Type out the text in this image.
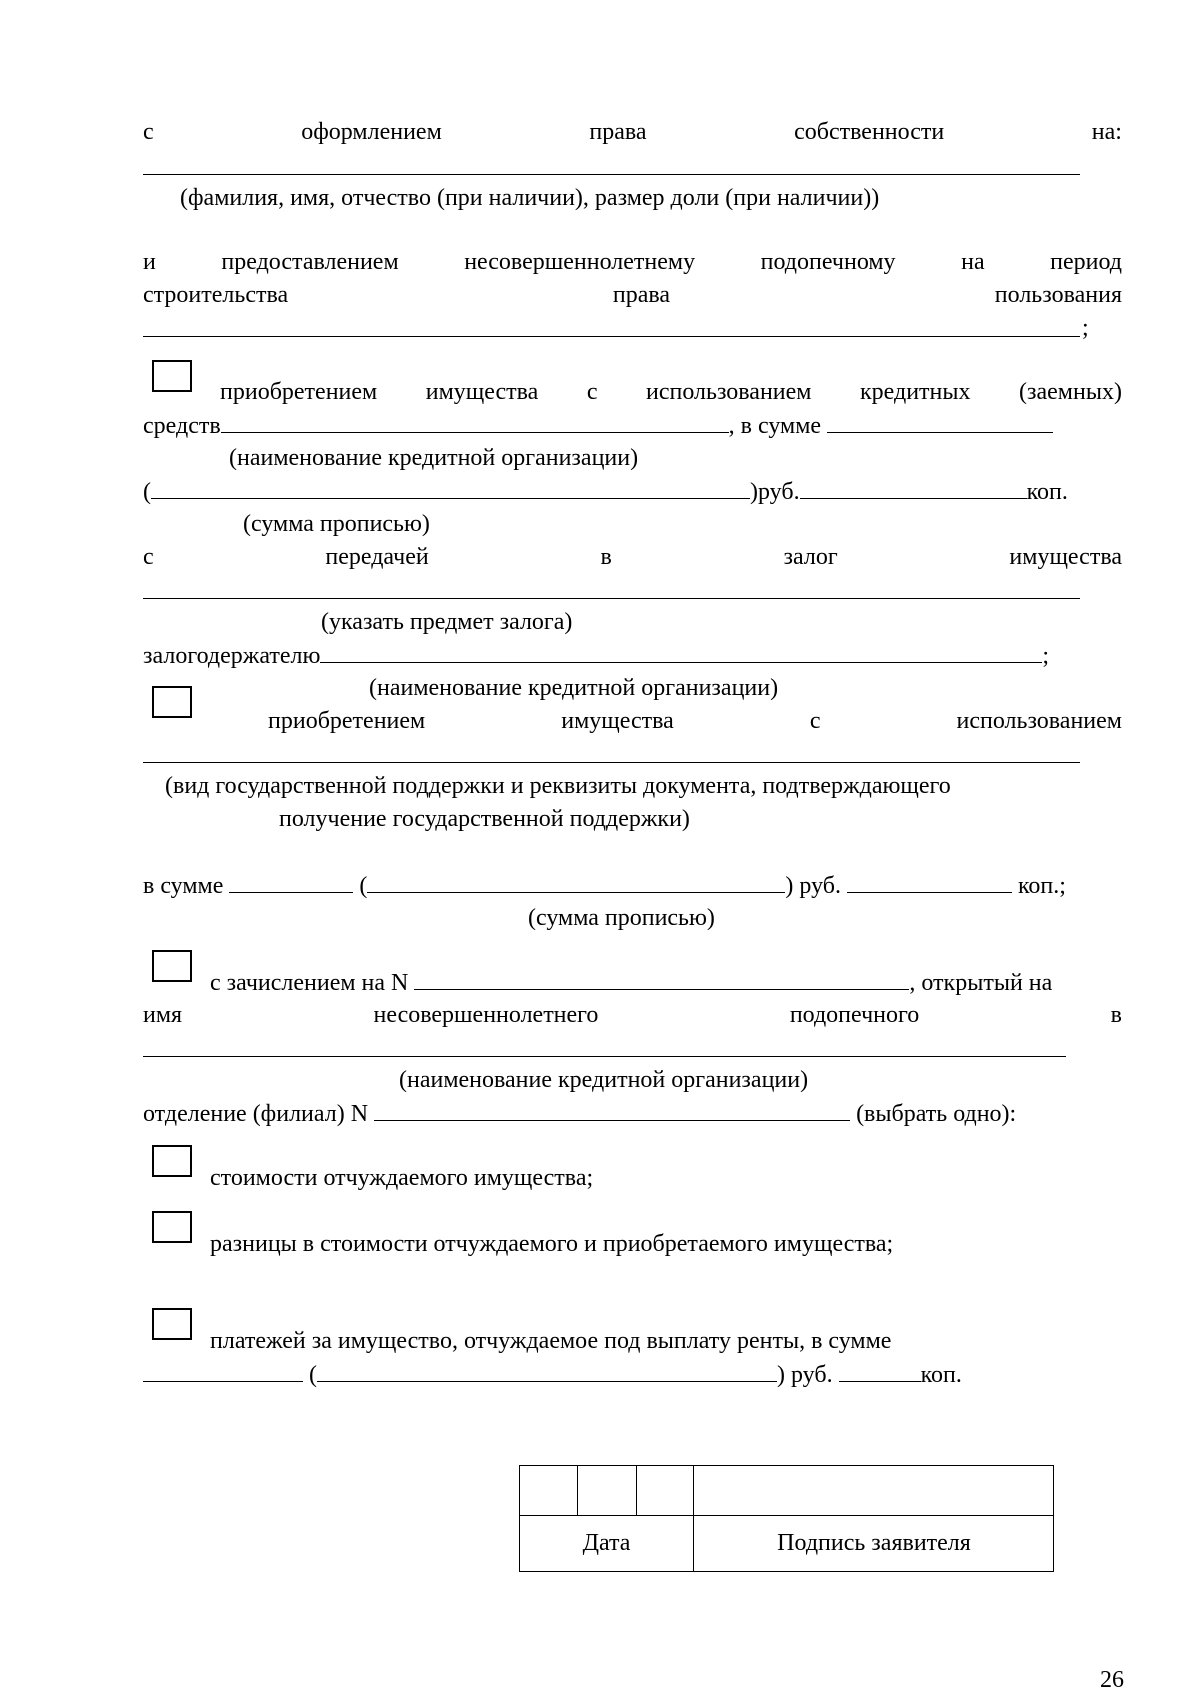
с	оформлением	права	собственности	на:
(фамилия, имя, отчество (при наличии), размер доли (при наличии))
и	предоставлением	несовершеннолетнему	подопечному	на	период
строительства	права	пользования
;
приобретением имущества с использованием кредитных (заемных)
средств	, в сумме
(наименование кредитной организации)
(	)руб.	коп.
(сумма прописью)
с	передачей	в	залог	имущества
(указать предмет залога)
залогодержателю	;
(наименование кредитной организации)
приобретением	имущества	с	использованием
(вид государственной поддержки и реквизиты документа, подтверждающего
получение государственной поддержки)
в сумме	(	) руб.	коп.;
(сумма прописью)
с зачислением на N	, открытый на
имя	несовершеннолетнего	подопечного	в
(наименование кредитной организации)
отделение (филиал) N	(выбрать одно):
стоимости отчуждаемого имущества;
разницы в стоимости отчуждаемого и приобретаемого имущества;
платежей за имущество, отчуждаемое под выплату ренты, в сумме
(	) руб.	коп.
Дата	Подпись заявителя
26
